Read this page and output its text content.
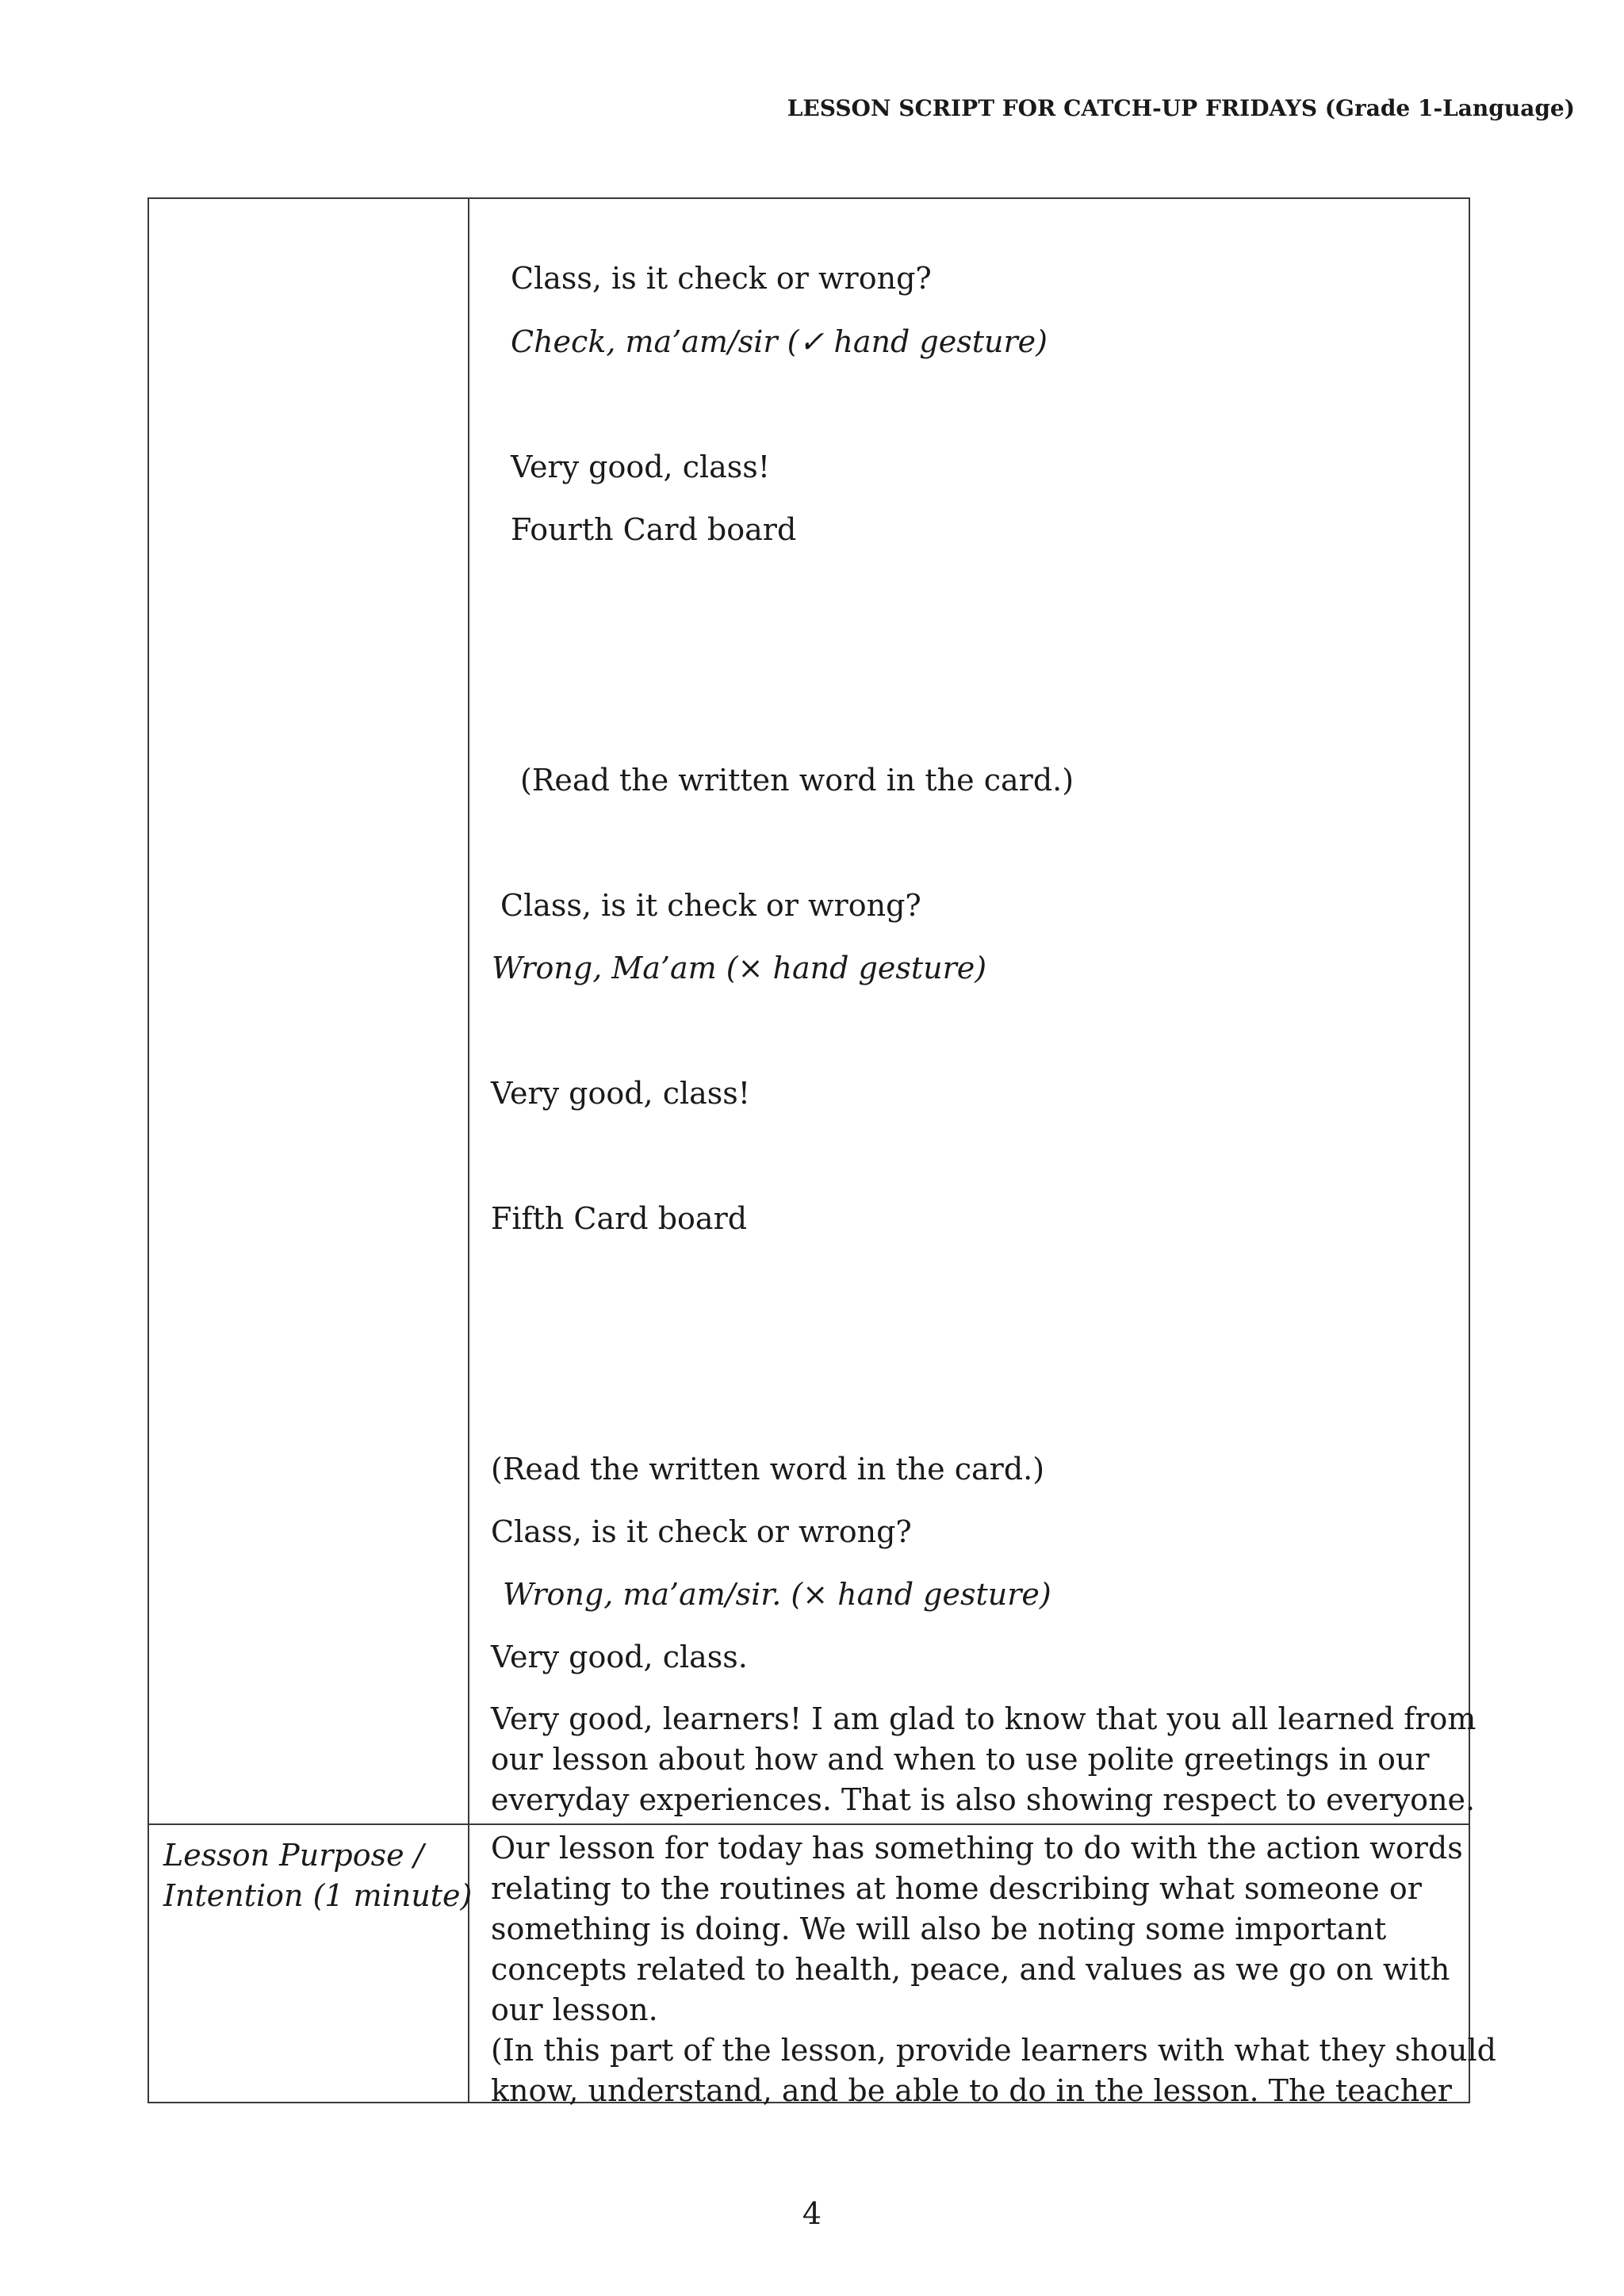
LESSON SCRIPT FOR CATCH-UP FRIDAYS (Grade 1-Language)
Class, is it check or wrong?
Check, ma’am/sir (✓ hand gesture)
Very good, class!
Fourth Card board
(Read the written word in the card.)
Class, is it check or wrong?
Wrong, Ma’am (× hand gesture)
Very good, class!
Fifth Card board
(Read the written word in the card.)
Class, is it check or wrong?
Wrong, ma’am/sir. (× hand gesture)
Very good, class.
Very good, learners! I am glad to know that you all learned from
our lesson about how and when to use polite greetings in our
everyday experiences. That is also showing respect to everyone.
Lesson Purpose /
Intention (1 minute)
Our lesson for today has something to do with the action words
relating to the routines at home describing what someone or
something is doing. We will also be noting some important
concepts related to health, peace, and values as we go on with
our lesson.
(In this part of the lesson, provide learners with what they should
know, understand, and be able to do in the lesson. The teacher
4
